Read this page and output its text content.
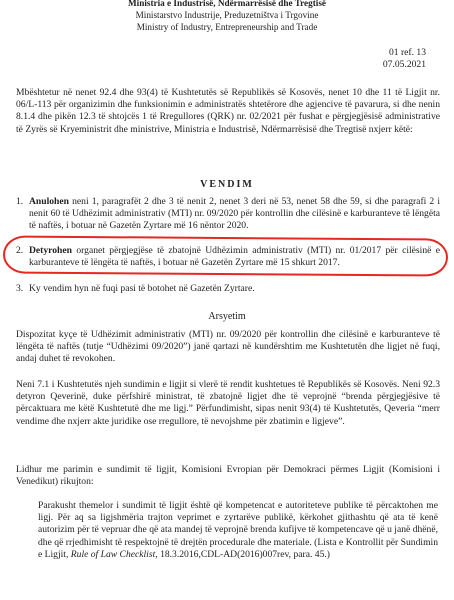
Ministria e Industrisë, Ndërmarrësisë dhe Tregtisë
Ministarstvo Industrije, Preduzetništva i Trgovine
Ministry of Industry, Entrepreneurship and Trade
01 ref. 13
07.05.2021
Mbështetur në nenet 92.4 dhe 93(4) të Kushtetutës së Republikës së Kosovës, nenet 10 dhe 11 të Ligjit nr. 06/L-113 për organizimin dhe funksionimin e administratës shtetërore dhe agjencive të pavarura, si dhe nenin 8.1.4 dhe pikën 12.3 të shtojcës 1 të Rregullores (QRK) nr. 02/2021 për fushat e përgjegjësisë administrative të Zyrës së Kryeministrit dhe ministrive, Ministria e Industrisë, Ndërmarrësisë dhe Tregtisë nxjerr këtë:
VENDIM
1. Anulohen neni 1, paragrafët 2 dhe 3 të nenit 2, nenet 3 deri në 53, nenet 58 dhe 59, si dhe paragrafi 2 i nenit 60 të Udhëzimit administrativ (MTI) nr. 09/2020 për kontrollin dhe cilësinë e karburanteve të lëngëta të naftës, i botuar në Gazetën Zyrtare më 16 nëntor 2020.
2. Detyrohen organet përgjegjëse të zbatojnë Udhëzimin administrativ (MTI) nr. 01/2017 për cilësinë e karburanteve të lëngëta të naftës, i botuar në Gazetën Zyrtare më 15 shkurt 2017.
3. Ky vendim hyn në fuqi pasi të botohet në Gazetën Zyrtare.
Arsyetim
Dispozitat kyçe të Udhëzimit administrativ (MTI) nr. 09/2020 për kontrollin dhe cilësinë e karburanteve të lëngëta të naftës (tutje “Udhëzimi 09/2020”) janë qartazi në kundërshtim me Kushtetutën dhe ligjet në fuqi, andaj duhet të revokohen.
Neni 7.1 i Kushtetutës njeh sundimin e ligjit si vlerë të rendit kushtetues të Republikës së Kosovës. Neni 92.3 detyron Qeverinë, duke përfshirë ministrat, të zbatojnë ligjet dhe të veprojnë “brenda përgjegjësive të përcaktuara me këtë Kushtetutë dhe me ligj.” Përfundimisht, sipas nenit 93(4) të Kushtetutës, Qeveria “merr vendime dhe nxjerr akte juridike ose rregullore, të nevojshme për zbatimin e ligjeve”.
Lidhur me parimin e sundimit të ligjit, Komisioni Evropian për Demokraci përmes Ligjit (Komisioni i Venedikut) rikujton:
Parakusht themelor i sundimit të ligjit është që kompetencat e autoriteteve publike të përcaktohen me ligj. Për aq sa ligjshmëria trajton veprimet e zyrtarëve publikë, kërkohet gjithashtu që ata të kenë autorizim për të vepruar dhe që ata mandej të veprojnë brenda kufijve të kompetencave që u janë dhënë, dhe që rrjedhimisht të respektojnë të drejtën procedurale dhe materiale. (Lista e Kontrollit për Sundimin e Ligjit, Rule of Law Checklist, 18.3.2016,CDL-AD(2016)007rev, para. 45.)
